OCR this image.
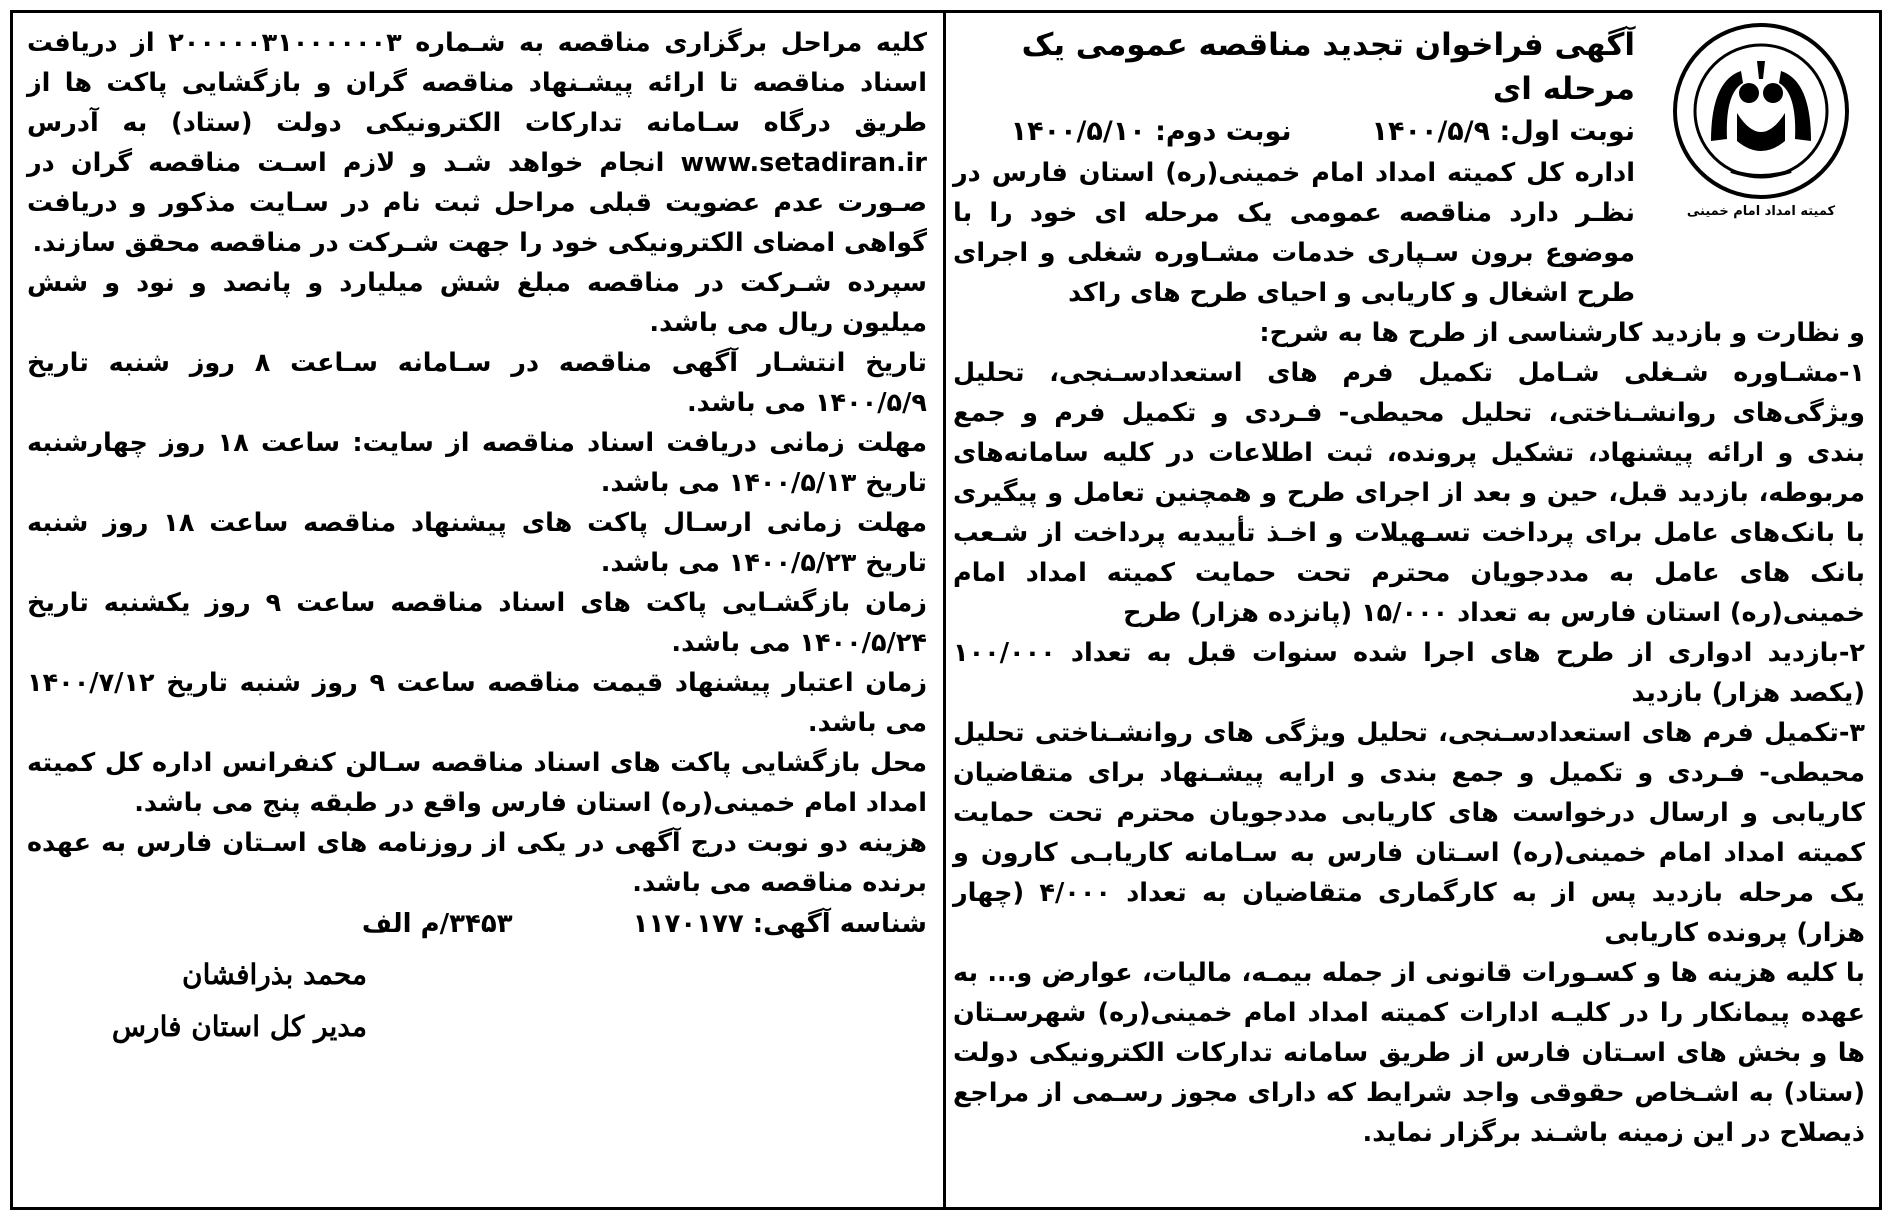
کمیته امداد امام خمینی

آگهی فراخوان تجدید مناقصه عمومی یک مرحله ای

نوبت اول: ۱۴۰۰/۵/۹
نوبت دوم: ۱۴۰۰/۵/۱۰

اداره کل کمیته امداد امام خمینی(ره) استان فارس در نظـر دارد مناقصه عمومی یک مرحله ای خود را با موضوع برون سـپاری خدمات مشـاوره شغلی و اجرای طرح اشغال و کاریابی و احیای طرح های راکد

و نظارت و بازدید کارشناسی از طرح ها به شرح:

۱-مشـاوره شـغلی شـامل تکمیل فرم های استعدادسـنجی، تحلیل ویژگی‌های روانشـناختی، تحلیل محیطی- فـردی و تکمیل فرم و جمع بندی و ارائه پیشنهاد، تشکیل پرونده، ثبت اطلاعات در کلیه سامانه‌های مربوطه، بازدید قبل، حین و بعد از اجرای طرح و همچنین تعامل و پیگیری با بانک‌های عامل برای پرداخت تسـهیلات و اخـذ تأییدیه پرداخت از شـعب بانک های عامل به مددجویان محترم تحت حمایت کمیته امداد امام خمینی(ره) استان فارس به تعداد ۱۵/۰۰۰ (پانزده هزار) طرح

۲-بازدید ادواری از طرح های اجرا شده سنوات قبل به تعداد ۱۰۰/۰۰۰ (یکصد هزار) بازدید

۳-تکمیل فرم های استعدادسـنجی، تحلیل ویژگی های روانشـناختی تحلیل محیطی- فـردی و تکمیل و جمع بندی و ارایه پیشـنهاد برای متقاضیان کاریابی و ارسال درخواست های کاریابی مددجویان محترم تحت حمایت کمیته امداد امام خمینی(ره) اسـتان فارس به سـامانه کاریابـی کارون و یک مرحله بازدید پس از به کارگماری متقاضیان به تعداد ۴/۰۰۰ (چهار هزار) پرونده کاریابی

با کلیه هزینه ها و کسـورات قانونی از جمله بیمـه، مالیات، عوارض و... به عهده پیمانکار را در کلیـه ادارات کمیته امداد امام خمینی(ره) شهرسـتان ها و بخش های اسـتان فارس از طریق سامانه تدارکات الکترونیکی دولت (ستاد) به اشـخاص حقوقی واجد شرایط که دارای مجوز رسـمی از مراجع ذیصلاح در این زمینه باشـند برگزار نماید.

کلیه مراحل برگزاری مناقصه به شـماره ۲۰۰۰۰۰۳۱۰۰۰۰۰۰۳ از دریافت اسناد مناقصه تا ارائه پیشـنهاد مناقصه گران و بازگشایی پاکت ها از طریق درگاه سـامانه تدارکات الکترونیکی دولت (ستاد) به آدرس www.setadiran.ir انجام خواهد شـد و لازم اسـت مناقصه گران در صـورت عدم عضویت قبلی مراحل ثبت نام در سـایت مذکور و دریافت گواهی امضای الکترونیکی خود را جهت شـرکت در مناقصه محقق سازند.

سپرده شـرکت در مناقصه مبلغ شش میلیارد و پانصد و نود و شش میلیون ریال می باشد.

تاریخ انتشـار آگهی مناقصه در سـامانه سـاعت ۸ روز شنبه تاریخ ۱۴۰۰/۵/۹ می باشد.

مهلت زمانی دریافت اسناد مناقصه از سایت: ساعت ۱۸ روز چهارشنبه تاریخ ۱۴۰۰/۵/۱۳ می باشد.

مهلت زمانی ارسـال پاکت های پیشنهاد مناقصه ساعت ۱۸ روز شنبه تاریخ ۱۴۰۰/۵/۲۳ می باشد.

زمان بازگشـایی پاکت های اسناد مناقصه ساعت ۹ روز یکشنبه تاریخ ۱۴۰۰/۵/۲۴ می باشد.

زمان اعتبار پیشنهاد قیمت مناقصه ساعت ۹ روز شنبه تاریخ ۱۴۰۰/۷/۱۲ می باشد.

محل بازگشایی پاکت های اسناد مناقصه سـالن کنفرانس اداره کل کمیته امداد امام خمینی(ره) استان فارس واقع در طبقه پنج می باشد.

هزینه دو نوبت درج آگهی در یکی از روزنامه های اسـتان فارس به عهده برنده مناقصه می باشد.

شناسه آگهی: ۱۱۷۰۱۷۷
۳۴۵۳/م الف
محمد بذرافشان
مدیر کل استان فارس
